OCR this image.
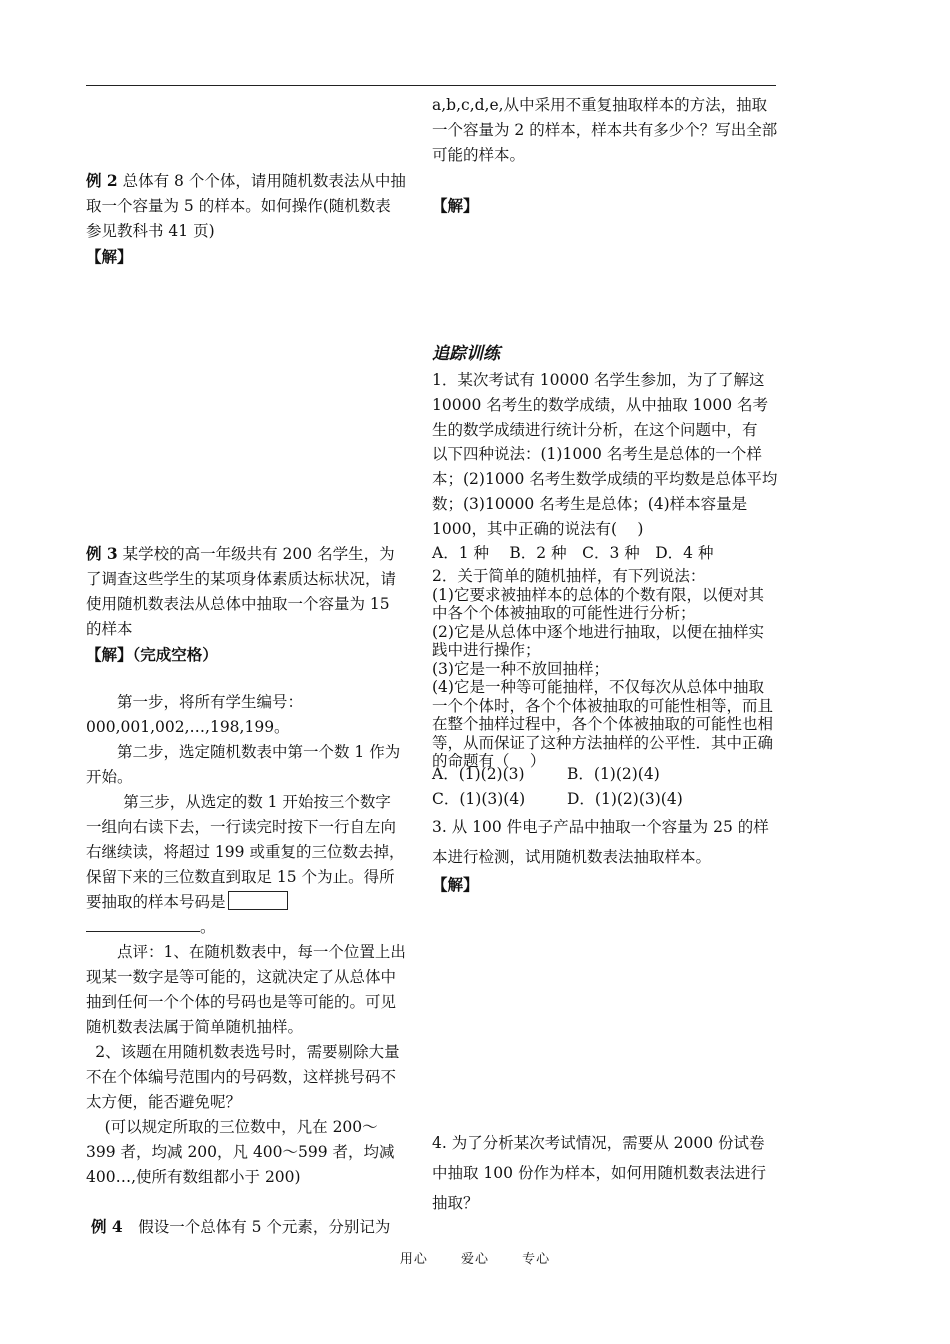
例 2 总体有 8 个个体，请用随机数表法从中抽取一个容量为 5 的样本。如何操作(随机数表参见教科书 41 页)
【解】
例 3 某学校的高一年级共有 200 名学生，为了调查这些学生的某项身体素质达标状况，请使用随机数表法从总体中抽取一个容量为 15 的样本
【解】（完成空格）
第一步，将所有学生编号：000,001,002,…,198,199。
第二步，选定随机数表中第一个数 1 作为开始。
第三步，从选定的数 1 开始按三个数字一组向右读下去，一行读完时按下一行自左向右继续读，将超过 199 或重复的三位数去掉，保留下来的三位数直到取足 15 个为止。得所要抽取的样本号码是
。
点评：1、在随机数表中，每一个位置上出现某一数字是等可能的，这就决定了从总体中抽到任何一个个体的号码也是等可能的。可见随机数表法属于简单随机抽样。
2、该题在用随机数表选号时，需要剔除大量不在个体编号范围内的号码数，这样挑号码不太方便，能否避免呢？
(可以规定所取的三位数中，凡在 200～399 者，均减 200，凡 400～599 者，均减 400…,使所有数组都小于 200)
例 4　 假设一个总体有 5 个元素，分别记为
a,b,c,d,e,从中采用不重复抽取样本的方法，抽取一个容量为 2 的样本，样本共有多少个？写出全部可能的样本。
【解】
追踪训练
1．某次考试有 10000 名学生参加，为了了解这 10000 名考生的数学成绩，从中抽取 1000 名考生的数学成绩进行统计分析，在这个问题中，有
以下四种说法：(1)1000 名考生是总体的一个样本；(2)1000 名考生数学成绩的平均数是总体平均数；(3)10000 名考生是总体；(4)样本容量是 1000，其中正确的说法有(　 )
A．1 种　 B．2 种　C．3 种　D．4 种
2．关于简单的随机抽样，有下列说法：
(1)它要求被抽样本的总体的个数有限，以便对其中各个个体被抽取的可能性进行分析；
(2)它是从总体中逐个地进行抽取，以便在抽样实践中进行操作；
(3)它是一种不放回抽样；
(4)它是一种等可能抽样，不仅每次从总体中抽取一个个体时，各个个体被抽取的可能性相等，而且在整个抽样过程中，各个个体被抽取的可能性也相等，从而保证了这种方法抽样的公平性．其中正确的命题有（　 ）
A．(1)(2)(3)	B．(1)(2)(4)
C．(1)(3)(4)	D．(1)(2)(3)(4)
3. 从 100 件电子产品中抽取一个容量为 25 的样本进行检测，试用随机数表法抽取样本。
【解】
4. 为了分析某次考试情况，需要从 2000 份试卷中抽取 100 份作为样本，如何用随机数表法进行抽取？
用心	爱心	专心
